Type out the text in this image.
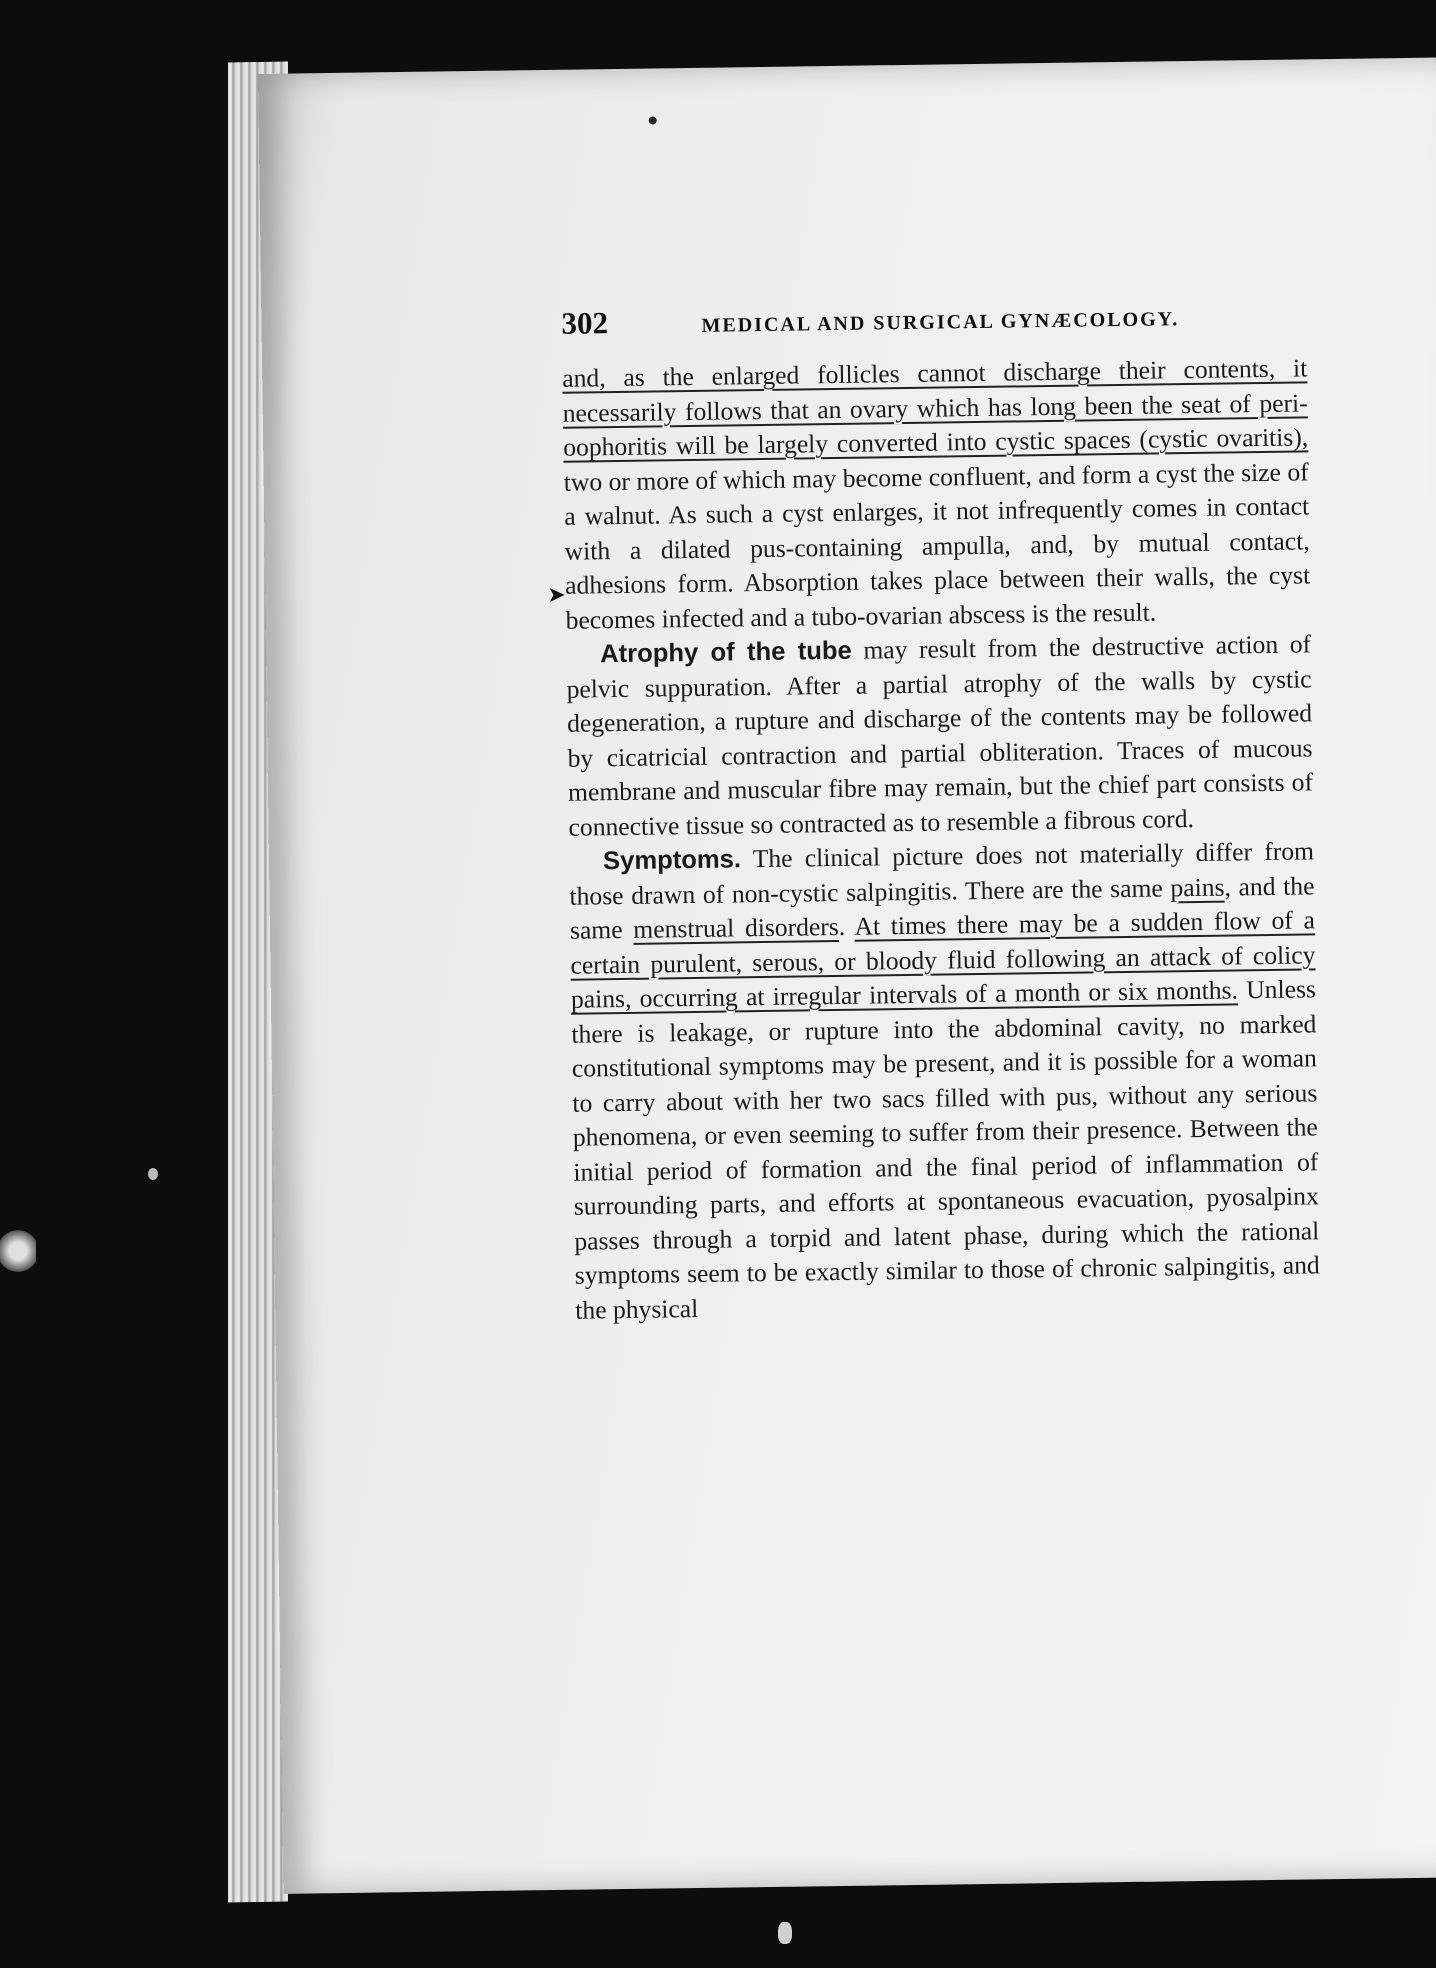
302	MEDICAL AND SURGICAL GYNÆCOLOGY.
➤

and, as the enlarged follicles cannot discharge their contents, it necessarily follows that an ovary which has long been the seat of peri-oophoritis will be largely converted into cystic spaces (cystic ovaritis), two or more of which may become confluent, and form a cyst the size of a walnut. As such a cyst enlarges, it not infrequently comes in contact with a dilated pus-containing ampulla, and, by mutual contact, adhesions form. Absorption takes place between their walls, the cyst becomes infected and a tubo-ovarian abscess is the result.

Atrophy of the tube may result from the destructive action of pelvic suppuration. After a partial atrophy of the walls by cystic degeneration, a rupture and discharge of the contents may be followed by cicatricial contraction and partial obliteration. Traces of mucous membrane and muscular fibre may remain, but the chief part consists of connective tissue so contracted as to resemble a fibrous cord.

Symptoms. The clinical picture does not materially differ from those drawn of non-cystic salpingitis. There are the same pains, and the same menstrual disorders. At times there may be a sudden flow of a certain purulent, serous, or bloody fluid following an attack of colicy pains, occurring at irregular intervals of a month or six months. Unless there is leakage, or rupture into the abdominal cavity, no marked constitutional symptoms may be present, and it is possible for a woman to carry about with her two sacs filled with pus, without any serious phenomena, or even seeming to suffer from their presence. Between the initial period of formation and the final period of inflammation of surrounding parts, and efforts at spontaneous evacuation, pyosalpinx passes through a torpid and latent phase, during which the rational symptoms seem to be exactly similar to those of chronic salpingitis, and the physical
